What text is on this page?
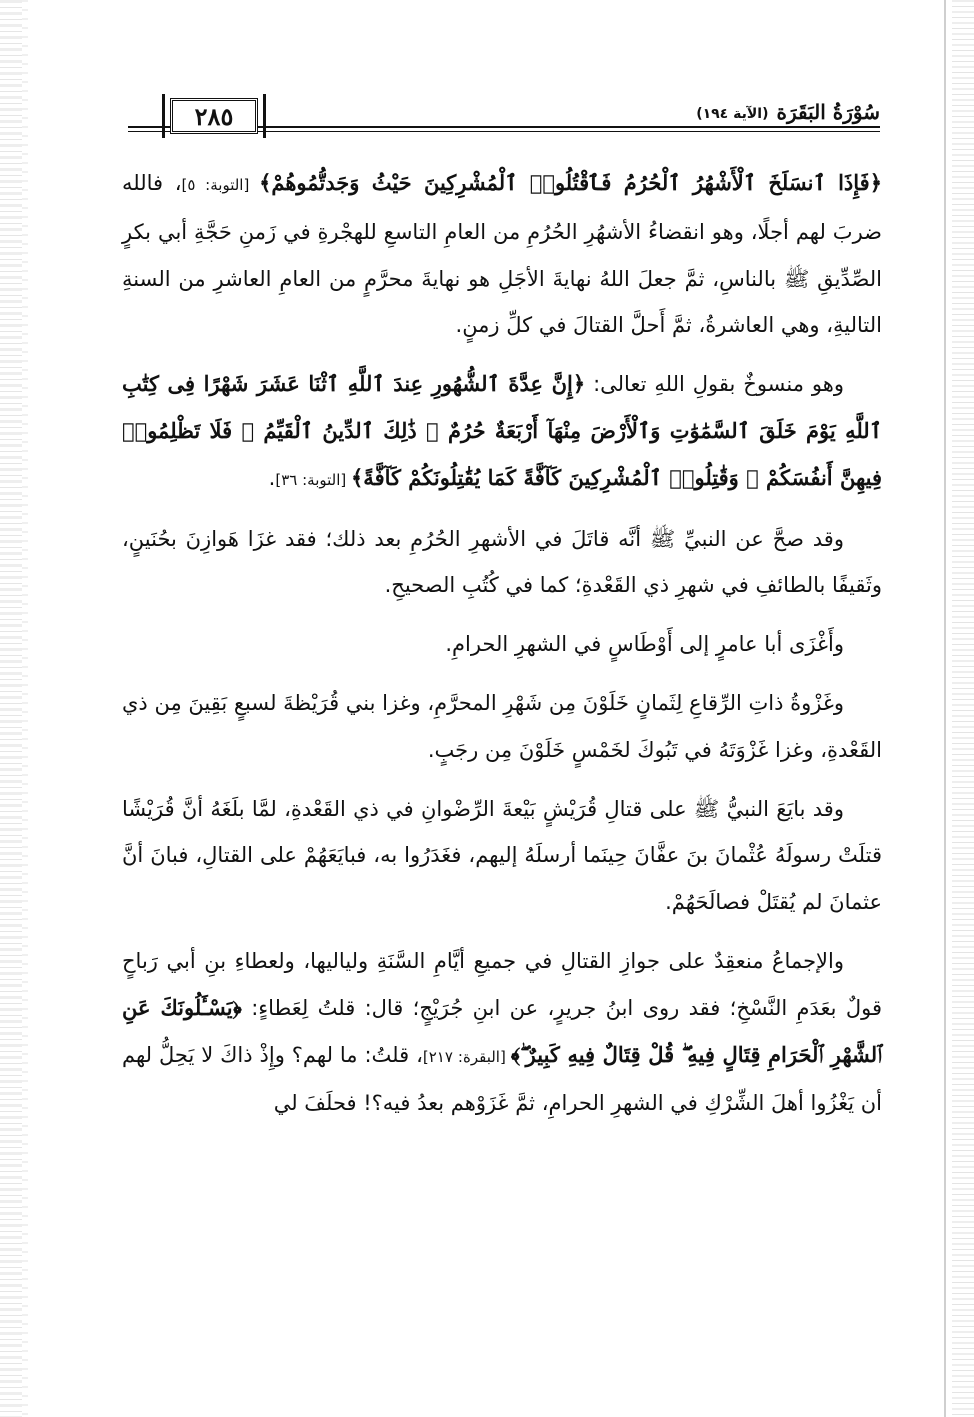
٢٨٥	سُوْرَةُ البَقَرَة
(الآية ١٩٤)

﴿فَإِذَا ٱنسَلَخَ ٱلْأَشْهُرُ ٱلْحُرُمُ فَٱقْتُلُوا۟ ٱلْمُشْرِكِينَ حَيْثُ وَجَدتُّمُوهُمْ﴾ [التوبة: ٥]، فالله ضربَ لهم أجلًا، وهو انقضاءُ الأشهُرِ الحُرُمِ من العامِ التاسعِ للهجْرةِ في زَمنِ حَجَّةِ أبي بكرٍ الصِّدِّيقِ ﷺ بالناسِ، ثمَّ جعلَ اللهُ نهايةَ الأجَلِ هو نهايةَ محرَّمٍ من العامِ العاشرِ من السنةِ التاليةِ، وهي العاشرةُ، ثمَّ أَحلَّ القتالَ في كلِّ زمنٍ.

وهو منسوخٌ بقولِ اللهِ تعالى: ﴿إِنَّ عِدَّةَ ٱلشُّهُورِ عِندَ ٱللَّهِ ٱثْنَا عَشَرَ شَهْرًا فِى كِتَٰبِ ٱللَّهِ يَوْمَ خَلَقَ ٱلسَّمَٰوَٰتِ وَٱلْأَرْضَ مِنْهَآ أَرْبَعَةٌ حُرُمٌ ۚ ذَٰلِكَ ٱلدِّينُ ٱلْقَيِّمُ ۚ فَلَا تَظْلِمُوا۟ فِيهِنَّ أَنفُسَكُمْ ۚ وَقَٰتِلُوا۟ ٱلْمُشْرِكِينَ كَآفَّةً كَمَا يُقَٰتِلُونَكُمْ كَآفَّةً﴾ [التوبة: ٣٦].

وقد صحَّ عن النبيِّ ﷺ أنَّه قاتَلَ في الأشهرِ الحُرُمِ بعد ذلك؛ فقد غزَا هَوازِنَ بحُنَينٍ، وثَقيفًا بالطائفِ في شهرِ ذي القَعْدةِ؛ كما في كُتُبِ الصحيحِ.

وأَغْزَى أبا عامرٍ إلى أَوْطَاسٍ في الشهرِ الحرامِ.

وغَزْوةُ ذاتِ الرِّقاعِ لِثَمانٍ خَلَوْنَ مِن شَهْرِ المحرَّمِ، وغزا بني قُرَيْظةَ لسبعٍ بَقِينَ مِن ذي القَعْدةِ، وغزا غَزْوَتَهُ في تَبُوكَ لخَمْسٍ خَلَوْنَ مِن رجَبٍ.

وقد بايَعَ النبيُّ ﷺ على قتالِ قُرَيْشٍ بَيْعةَ الرِّضْوانِ في ذي القَعْدةِ، لمَّا بلَغَهُ أنَّ قُرَيْشًا قتلَتْ رسولَهُ عُثْمانَ بنَ عفَّانَ حِينَما أرسلَهُ إليهم، فغَدَرُوا به، فبايَعَهُمْ على القتالِ، فبانَ أنَّ عثمانَ لم يُقتَلْ فصالَحَهُمْ.

والإجماعُ منعقِدٌ على جوازِ القتالِ في جميعِ أيَّامِ السَّنَةِ ولياليها، ولعطاءِ بنِ أبي رَباحٍ قولٌ بعَدَمِ النَّسْخِ؛ فقد روى ابنُ جريرٍ، عن ابنِ جُرَيْجٍ؛ قال: قلتُ لِعَطاءٍ: ﴿يَسْـَٔلُونَكَ عَنِ ٱلشَّهْرِ ٱلْحَرَامِ قِتَالٍ فِيهِ ۖ قُلْ قِتَالٌ فِيهِ كَبِيرٌ ۖ﴾ [البقرة: ٢١٧]، قلتُ: ما لهم؟ وإِذْ ذاكَ لا يَحِلُّ لهم أن يَغْزُوا أهلَ الشِّرْكِ في الشهرِ الحرامِ، ثمَّ غَزَوْهم بعدُ فيه؟! فحلَفَ لي
